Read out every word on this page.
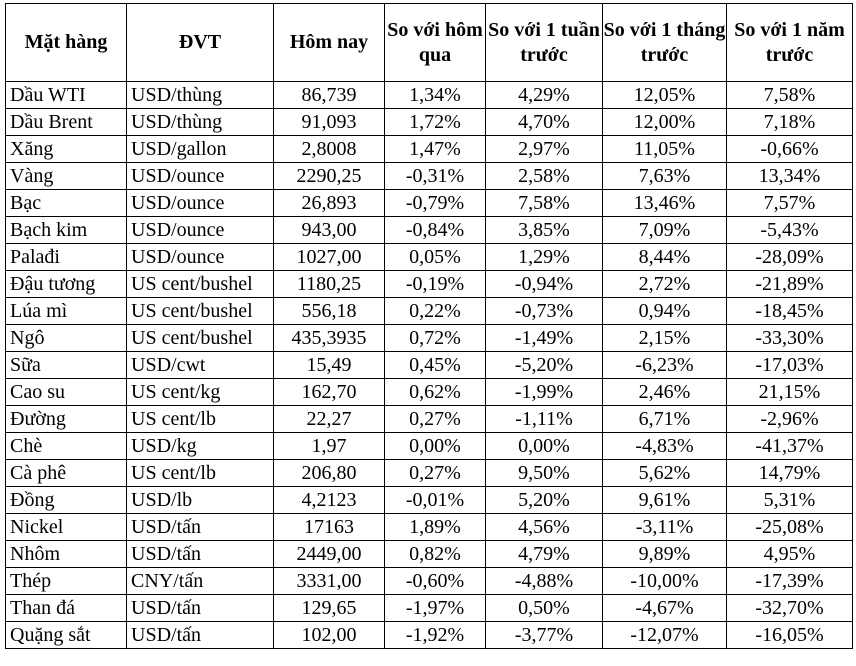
Mặt hàng	ĐVT	Hôm nay	So với hôm qua	So với 1 tuần trước	So với 1 tháng trước	So với 1 năm trước
Dầu WTI	USD/thùng	86,739	1,34%	4,29%	12,05%	7,58%
Dầu Brent	USD/thùng	91,093	1,72%	4,70%	12,00%	7,18%
Xăng	USD/gallon	2,8008	1,47%	2,97%	11,05%	-0,66%
Vàng	USD/ounce	2290,25	-0,31%	2,58%	7,63%	13,34%
Bạc	USD/ounce	26,893	-0,79%	7,58%	13,46%	7,57%
Bạch kim	USD/ounce	943,00	-0,84%	3,85%	7,09%	-5,43%
Palađi	USD/ounce	1027,00	0,05%	1,29%	8,44%	-28,09%
Đậu tương	US cent/bushel	1180,25	-0,19%	-0,94%	2,72%	-21,89%
Lúa mì	US cent/bushel	556,18	0,22%	-0,73%	0,94%	-18,45%
Ngô	US cent/bushel	435,3935	0,72%	-1,49%	2,15%	-33,30%
Sữa	USD/cwt	15,49	0,45%	-5,20%	-6,23%	-17,03%
Cao su	US cent/kg	162,70	0,62%	-1,99%	2,46%	21,15%
Đường	US cent/lb	22,27	0,27%	-1,11%	6,71%	-2,96%
Chè	USD/kg	1,97	0,00%	0,00%	-4,83%	-41,37%
Cà phê	US cent/lb	206,80	0,27%	9,50%	5,62%	14,79%
Đồng	USD/lb	4,2123	-0,01%	5,20%	9,61%	5,31%
Nickel	USD/tấn	17163	1,89%	4,56%	-3,11%	-25,08%
Nhôm	USD/tấn	2449,00	0,82%	4,79%	9,89%	4,95%
Thép	CNY/tấn	3331,00	-0,60%	-4,88%	-10,00%	-17,39%
Than đá	USD/tấn	129,65	-1,97%	0,50%	-4,67%	-32,70%
Quặng sắt	USD/tấn	102,00	-1,92%	-3,77%	-12,07%	-16,05%
